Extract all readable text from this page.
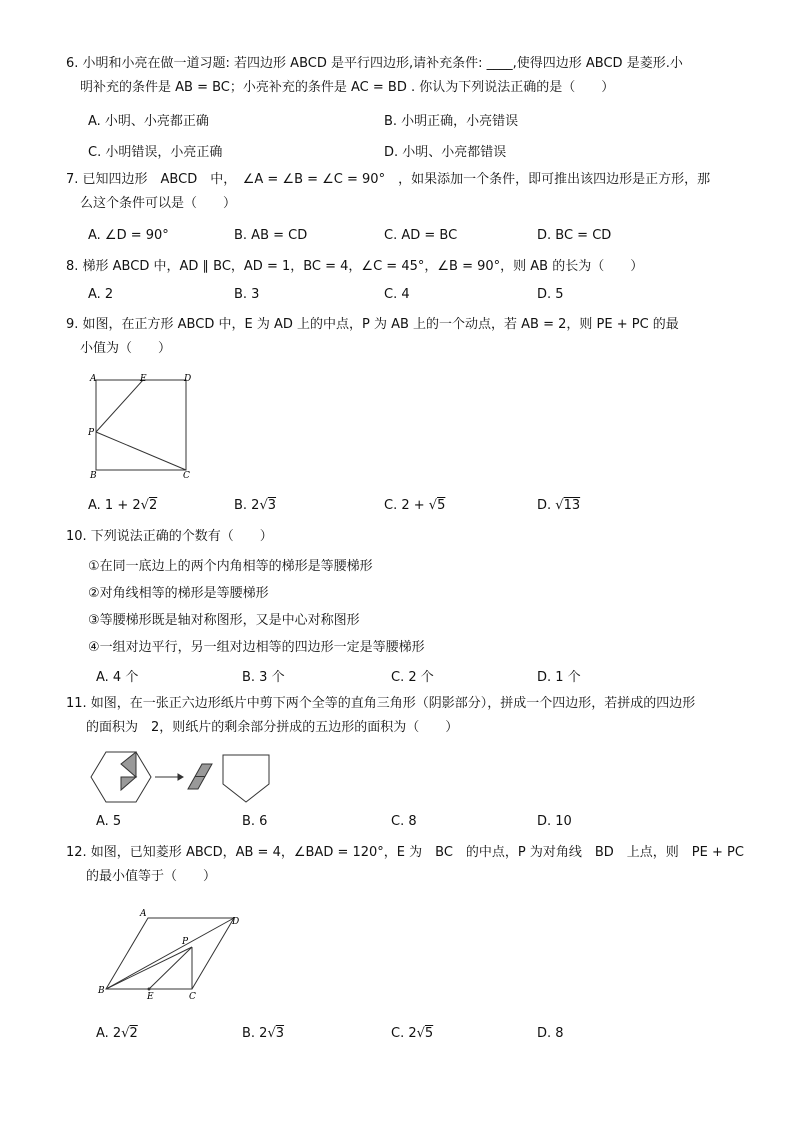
6. 小明和小亮在做一道习题: 若四边形 ABCD 是平行四边形,请补充条件: ____,使得四边形 ABCD 是菱形.小
明补充的条件是 AB = BC；小亮补充的条件是 AC = BD . 你认为下列说法正确的是（　　）
A. 小明、小亮都正确	B. 小明正确，小亮错误
C. 小明错误，小亮正确	D. 小明、小亮都错误
7. 已知四边形　ABCD　中，　∠A = ∠B = ∠C = 90°　，如果添加一个条件，即可推出该四边形是正方形，那
么这个条件可以是（　　）
A. ∠D = 90°	B. AB = CD	C. AD = BC	D. BC = CD
8. 梯形 ABCD 中，AD ∥ BC，AD = 1，BC = 4，∠C = 45°，∠B = 90°，则 AB 的长为（　　）
A. 2	B. 3	C. 4	D. 5
9. 如图，在正方形 ABCD 中，E 为 AD 上的中点，P 为 AB 上的一个动点，若 AB = 2，则 PE + PC 的最
小值为（　　）
A	E	D
P
B	C
A. 1 + 2√2	B. 2√3	C. 2 + √5	D. √13
10. 下列说法正确的个数有（　　）
①在同一底边上的两个内角相等的梯形是等腰梯形
②对角线相等的梯形是等腰梯形
③等腰梯形既是轴对称图形，又是中心对称图形
④一组对边平行，另一组对边相等的四边形一定是等腰梯形
A. 4 个	B. 3 个	C. 2 个	D. 1 个
11. 如图，在一张正六边形纸片中剪下两个全等的直角三角形（阴影部分），拼成一个四边形，若拼成的四边形
的面积为　2，则纸片的剩余部分拼成的五边形的面积为（　　）
A. 5	B. 6	C. 8	D. 10
12. 如图，已知菱形 ABCD，AB = 4，∠BAD = 120°，E 为　BC　的中点，P 为对角线　BD　上点，则　PE + PC
的最小值等于（　　）
A
D
P
B
E	C
A. 2√2	B. 2√3	C. 2√5	D. 8
